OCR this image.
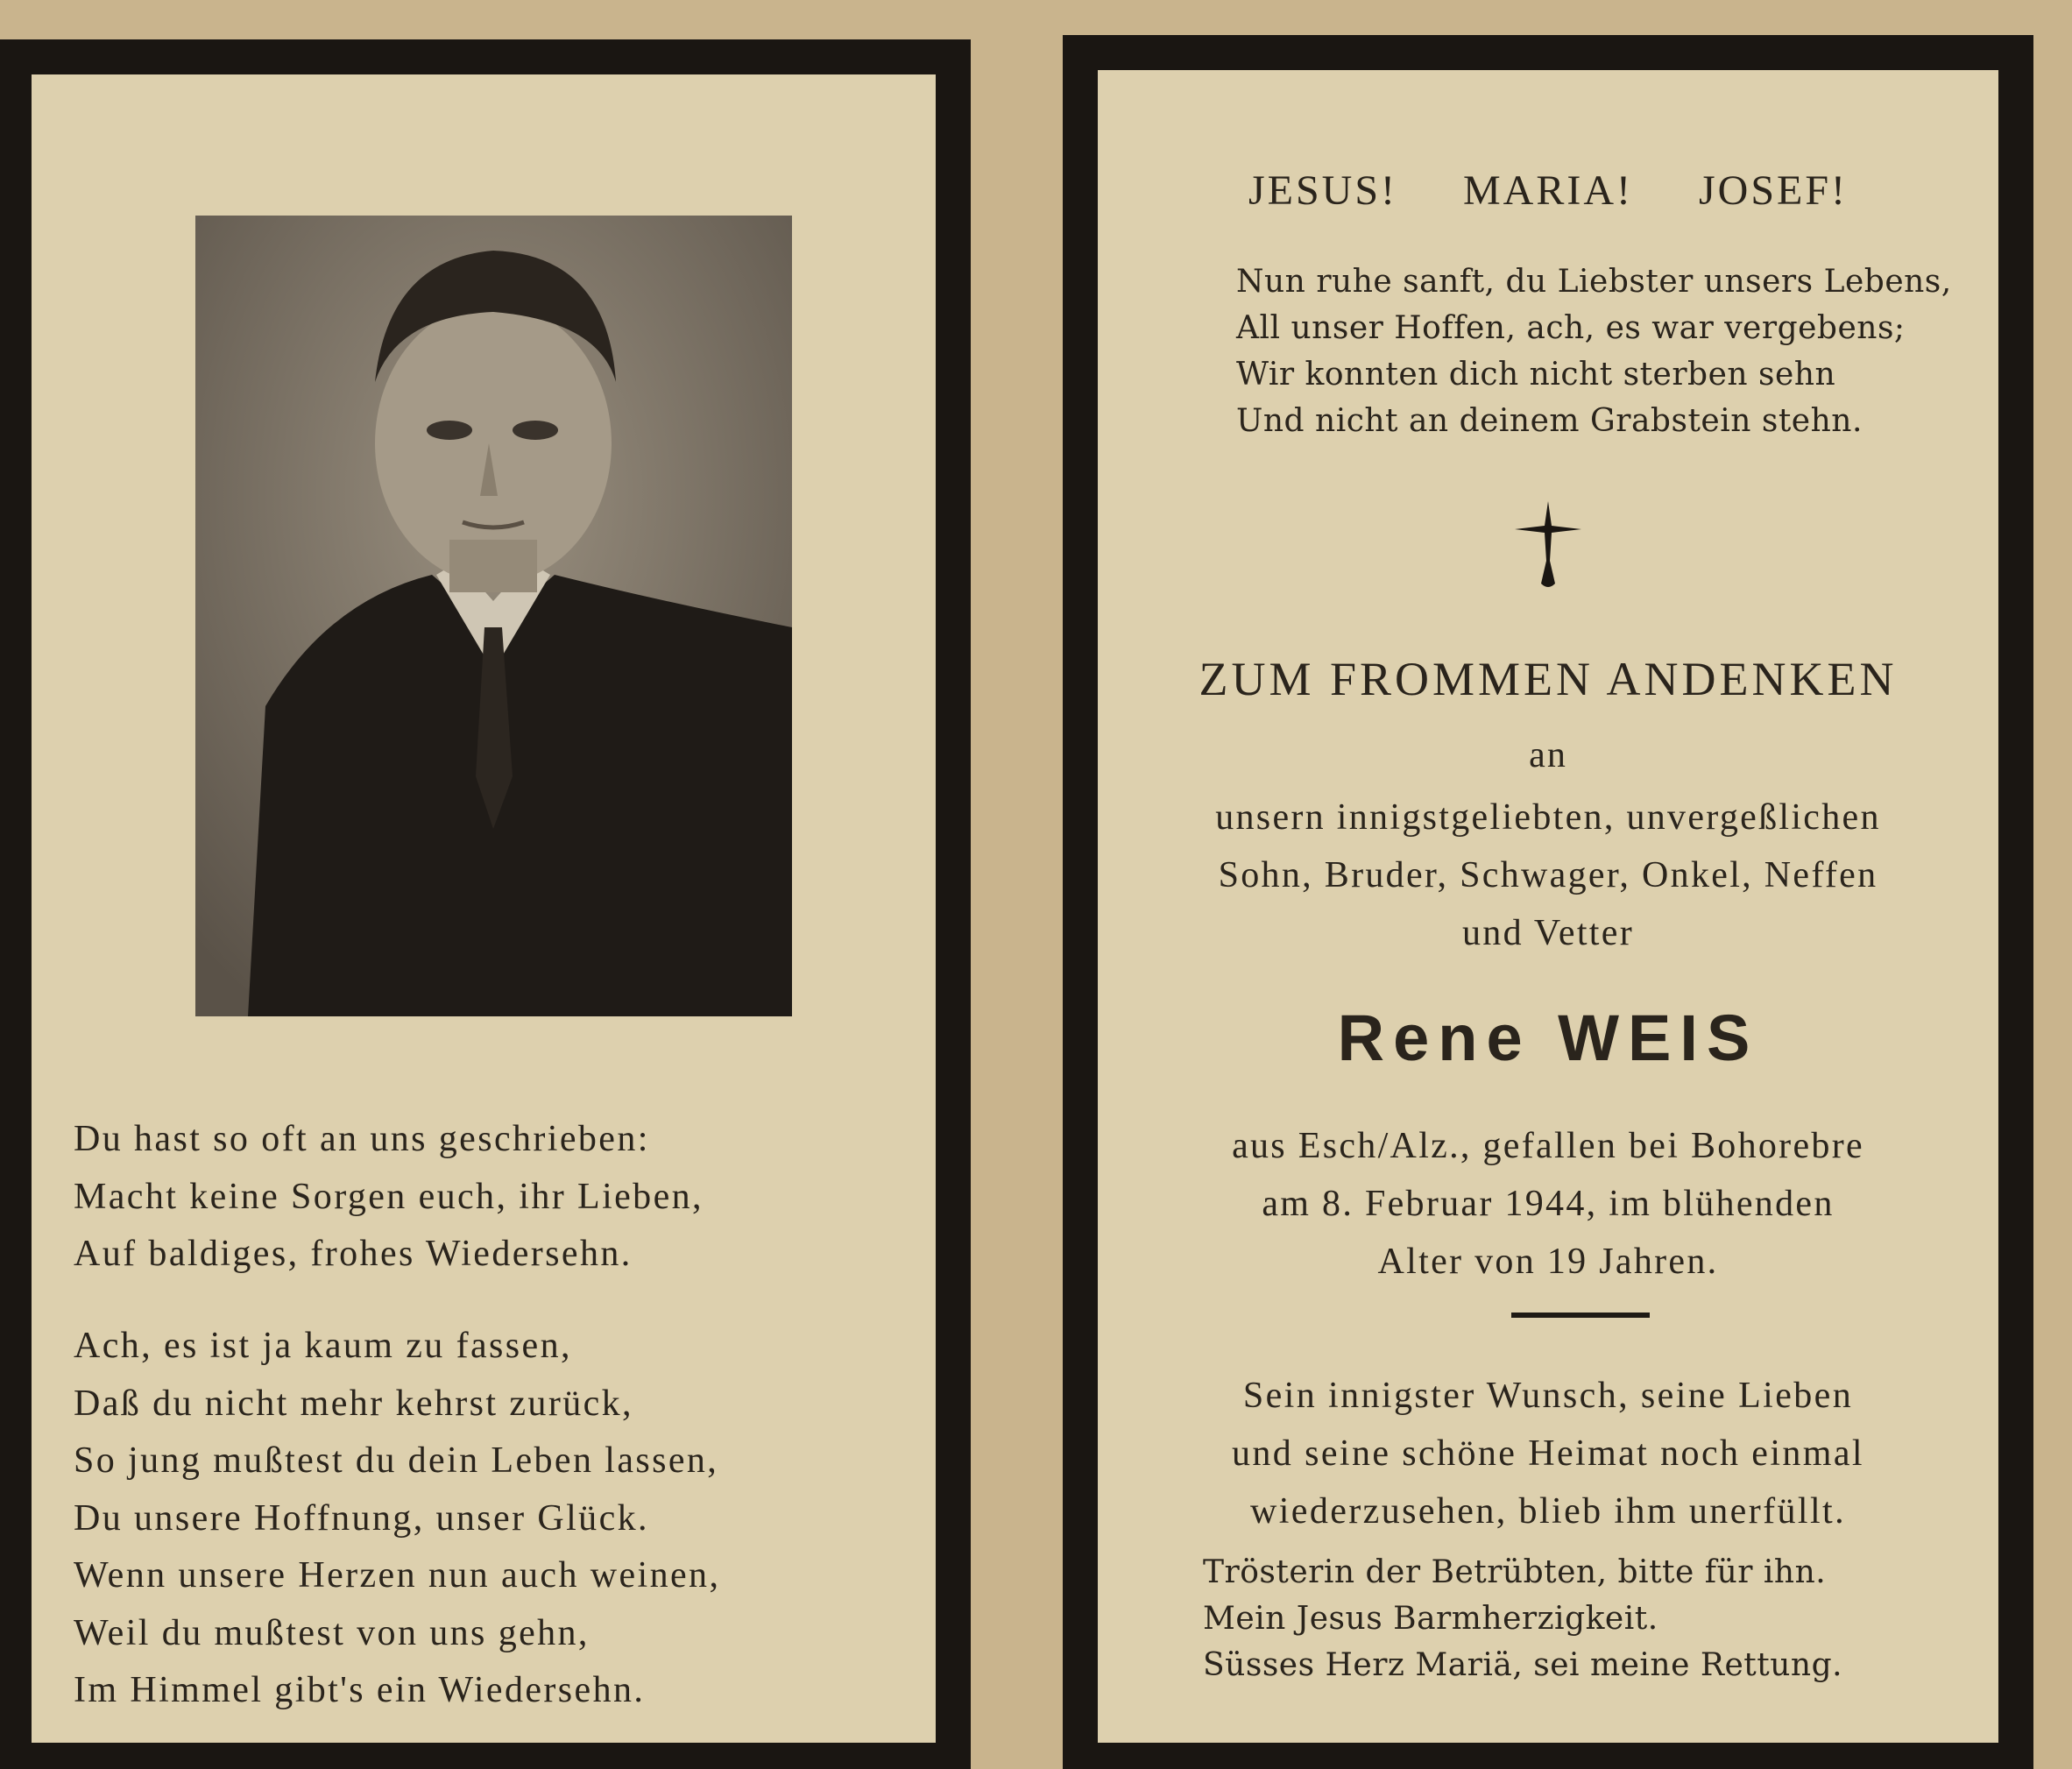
Du hast so oft an uns geschrieben:
Macht keine Sorgen euch, ihr Lieben,
Auf baldiges, frohes Wiedersehn.
Ach, es ist ja kaum zu fassen,
Daß du nicht mehr kehrst zurück,
So jung mußtest du dein Leben lassen,
Du unsere Hoffnung, unser Glück.
Wenn unsere Herzen nun auch weinen,
Weil du mußtest von uns gehn,
Im Himmel gibt's ein Wiedersehn.
JESUS! MARIA! JOSEF!
Nun ruhe sanft, du Liebster unsers Lebens,
All unser Hoffen, ach, es war vergebens;
Wir konnten dich nicht sterben sehn
Und nicht an deinem Grabstein stehn.
ZUM FROMMEN ANDENKEN
an
unsern innigstgeliebten, unvergeßlichen
Sohn, Bruder, Schwager, Onkel, Neffen
und Vetter
Rene WEIS
aus Esch/Alz., gefallen bei Bohorebre
am 8. Februar 1944, im blühenden
Alter von 19 Jahren.
Sein innigster Wunsch, seine Lieben
und seine schöne Heimat noch einmal
wiederzusehen, blieb ihm unerfüllt.
Trösterin der Betrübten, bitte für ihn.
Mein Jesus Barmherzigkeit.
Süsses Herz Mariä, sei meine Rettung.
